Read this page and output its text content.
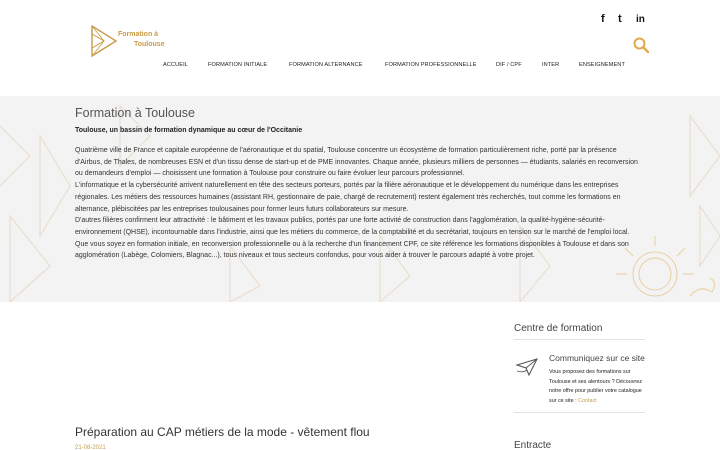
Formation à
Toulouse
f t in
ACCUEIL	FORMATION INITIALE	FORMATION ALTERNANCE	FORMATION PROFESSIONNELLE	DIF / CPF	INTER	ENSEIGNEMENT
Formation à Toulouse
Toulouse, un bassin de formation dynamique au cœur de l'Occitanie

Quatrième ville de France et capitale européenne de l'aéronautique et du spatial, Toulouse concentre un écosystème de formation particulièrement riche, porté par la présence d'Airbus, de Thales, de nombreuses ESN et d'un tissu dense de start-up et de PME innovantes. Chaque année, plusieurs milliers de personnes — étudiants, salariés en reconversion ou demandeurs d'emploi — choisissent une formation à Toulouse pour construire ou faire évoluer leur parcours professionnel.

L'informatique et la cybersécurité arrivent naturellement en tête des secteurs porteurs, portés par la filière aéronautique et le développement du numérique dans les entreprises régionales. Les métiers des ressources humaines (assistant RH, gestionnaire de paie, chargé de recrutement) restent également très recherchés, tout comme les formations en alternance, plébiscitées par les entreprises toulousaines pour former leurs futurs collaborateurs sur mesure.

D'autres filières confirment leur attractivité : le bâtiment et les travaux publics, portés par une forte activité de construction dans l'agglomération, la qualité-hygiène-sécurité-environnement (QHSE), incontournable dans l'industrie, ainsi que les métiers du commerce, de la comptabilité et du secrétariat, toujours en tension sur le marché de l'emploi local.

Que vous soyez en formation initiale, en reconversion professionnelle ou à la recherche d'un financement CPF, ce site référence les formations disponibles à Toulouse et dans son agglomération (Labège, Colomiers, Blagnac...), tous niveaux et tous secteurs confondus, pour vous aider à trouver le parcours adapté à votre projet.

Préparation au CAP métiers de la mode - vêtement flou
21-08-2021
Centre de formation
Communiquez sur ce site
Vous proposez des formations sur Toulouse et ses alentours ? Découvrez notre offre pour publier votre catalogue sur ce site : Contact
Entracte
